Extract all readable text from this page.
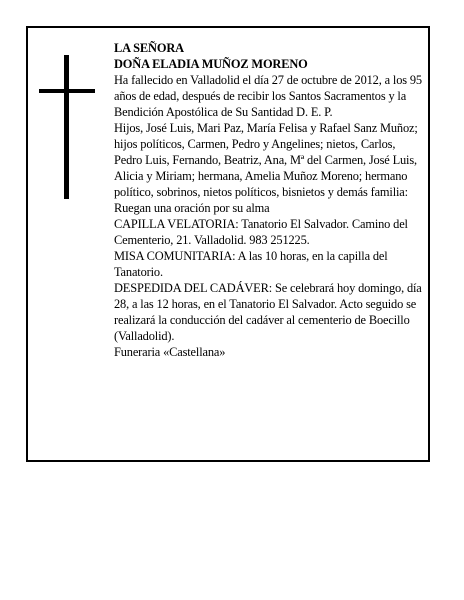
LA SEÑORA

DOÑA ELADIA MUÑOZ MORENO

Ha fallecido en Valladolid el día 27 de octubre de 2012, a los 95 años de edad, después de recibir los Santos Sacramentos y la Bendición Apostólica de Su Santidad D. E. P.

Hijos, José Luis, Mari Paz, María Felisa y Rafael Sanz Muñoz; hijos políticos, Carmen, Pedro y Angelines; nietos, Carlos, Pedro Luis, Fernando, Beatriz, Ana, Mª del Carmen, José Luis, Alicia y Miriam; hermana, Amelia Muñoz Moreno; hermano político, sobrinos, nietos políticos, bisnietos y demás familia:

Ruegan una oración por su alma

CAPILLA VELATORIA: Tanatorio El Salvador. Camino del Cementerio, 21. Valladolid. 983 251225.

MISA COMUNITARIA: A las 10 horas, en la capilla del Tanatorio.

DESPEDIDA DEL CADÁVER: Se celebrará hoy domingo, día 28, a las 12 horas, en el Tanatorio El Salvador. Acto seguido se realizará la conducción del cadáver al cementerio de Boecillo (Valladolid).

Funeraria «Castellana»
